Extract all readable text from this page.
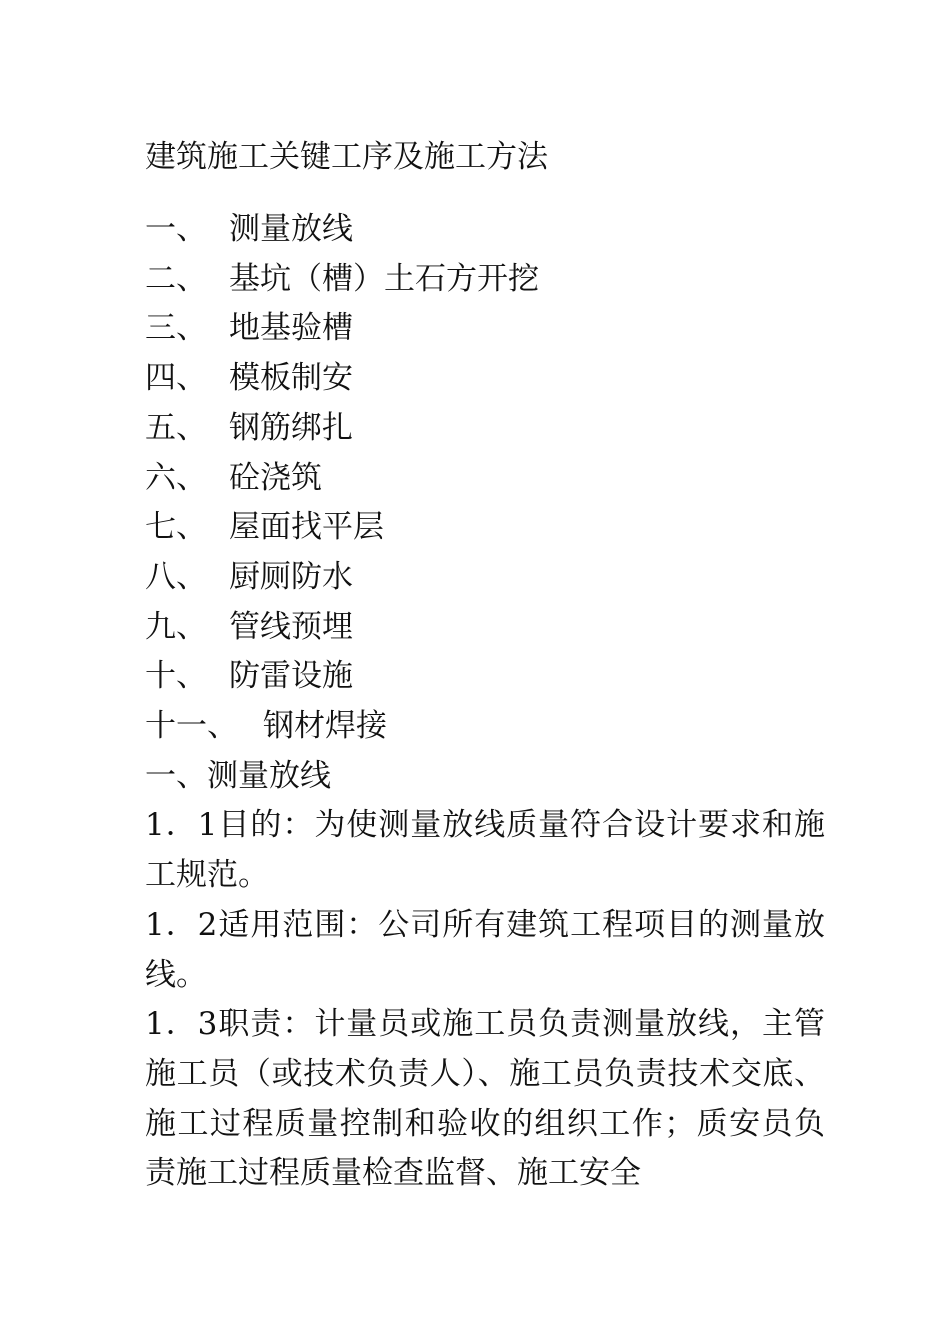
建筑施工关键工序及施工方法
一、 测量放线
二、 基坑（槽）土石方开挖
三、 地基验槽
四、 模板制安
五、 钢筋绑扎
六、 砼浇筑
七、 屋面找平层
八、 厨厕防水
九、 管线预埋
十、 防雷设施
十一、 钢材焊接

一、测量放线

1．1目的：为使测量放线质量符合设计要求和施工规范。

1．2适用范围：公司所有建筑工程项目的测量放线。

1．3职责：计量员或施工员负责测量放线，主管施工员（或技术负责人）、施工员负责技术交底、施工过程质量控制和验收的组织工作；质安员负责施工过程质量检查监督、施工安全
